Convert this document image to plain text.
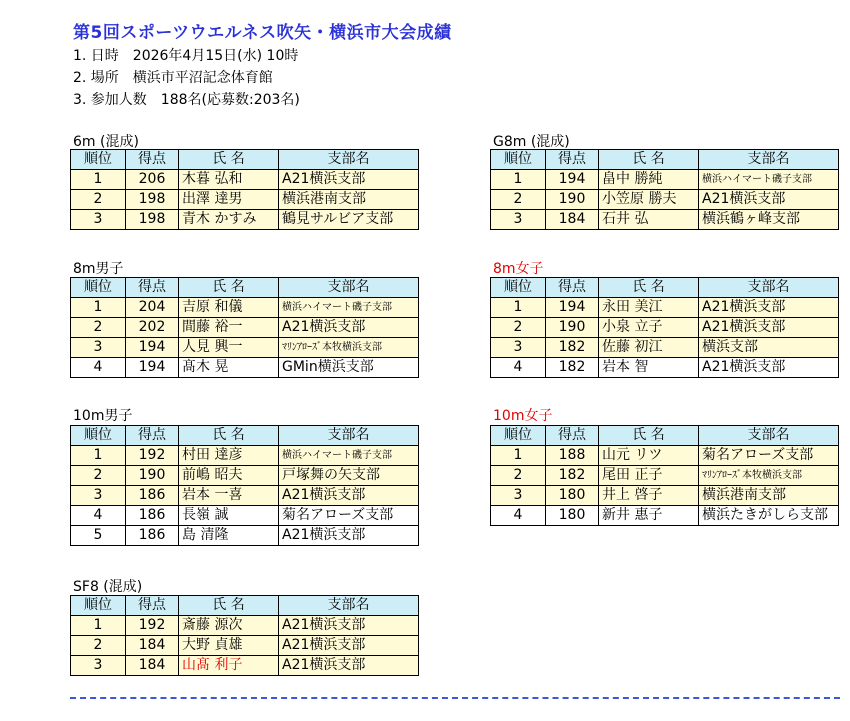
第5回スポーツウエルネス吹矢・横浜市大会成績
1. 日時　2026年4月15日(水) 10時
2. 場所　横浜市平沼記念体育館
3. 参加人数　188名(応募数:203名)
6m (混成)
順位	得点	氏 名	支部名
1	206	木暮 弘和	A21横浜支部
2	198	出澤 達男	横浜港南支部
3	198	青木 かすみ	鶴見サルビア支部
G8m (混成)
順位	得点	氏 名	支部名
1	194	畠中 勝純	横浜ハイマート磯子支部
2	190	小笠原 勝夫	A21横浜支部
3	184	石井 弘	横浜鶴ヶ峰支部
8m男子
順位	得点	氏 名	支部名
1	204	吉原 和儀	横浜ハイマート磯子支部
2	202	間藤 裕一	A21横浜支部
3	194	人見 興一	ﾏﾘﾝｱﾛｰｽﾞ本牧横浜支部
4	194	髙木 晃	GMin横浜支部
8m女子
順位	得点	氏 名	支部名
1	194	永田 美江	A21横浜支部
2	190	小泉 立子	A21横浜支部
3	182	佐藤 初江	横浜支部
4	182	岩本 智	A21横浜支部
10m男子
順位	得点	氏 名	支部名
1	192	村田 達彦	横浜ハイマート磯子支部
2	190	前嶋 昭夫	戸塚舞の矢支部
3	186	岩本 一喜	A21横浜支部
4	186	長嶺 誠	菊名アローズ支部
5	186	島 清隆	A21横浜支部
10m女子
順位	得点	氏 名	支部名
1	188	山元 リツ	菊名アローズ支部
2	182	尾田 正子	ﾏﾘﾝｱﾛｰｽﾞ本牧横浜支部
3	180	井上 啓子	横浜港南支部
4	180	新井 惠子	横浜たきがしら支部
SF8 (混成)
順位	得点	氏 名	支部名
1	192	斎藤 源次	A21横浜支部
2	184	大野 貞雄	A21横浜支部
3	184	山髙 利子	A21横浜支部
